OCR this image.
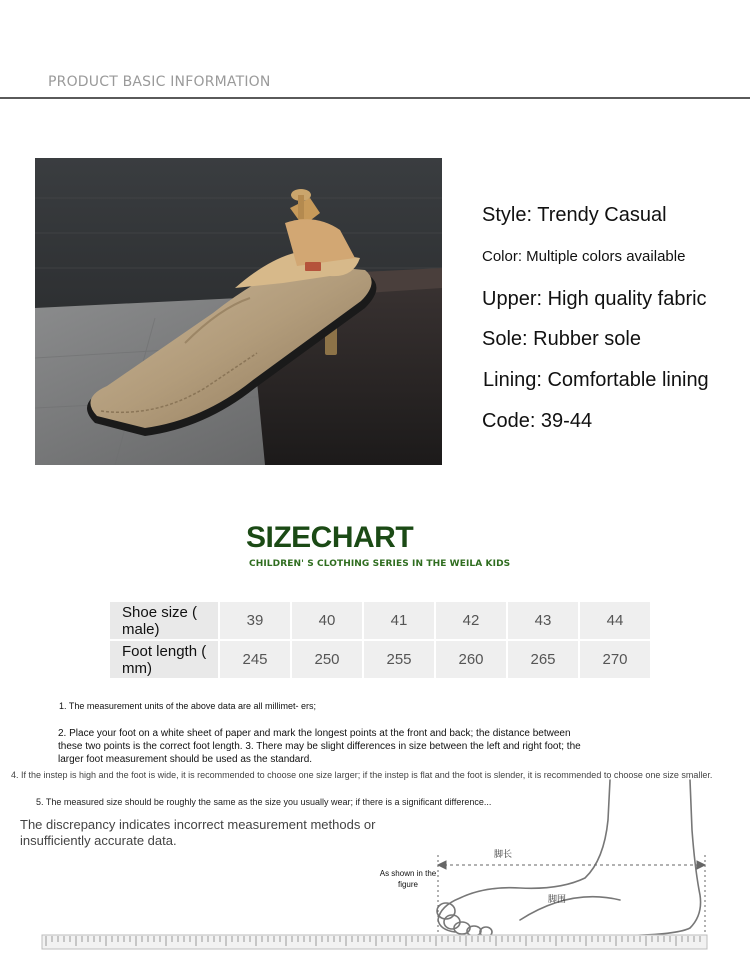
PRODUCT BASIC INFORMATION
Style: Trendy Casual
Color: Multiple colors available
Upper: High quality fabric
Sole: Rubber sole
Lining: Comfortable lining
Code: 39-44
SIZECHART
CHILDREN' S CLOTHING SERIES IN THE WEILA KIDS
Shoe size ( male)	39	40	41	42	43	44
Foot length ( mm)	245	250	255	260	265	270
脚长
脚围
1. The measurement units of the above data are all millimet- ers;
2. Place your foot on a white sheet of paper and mark the longest points at the front and back; the distance between these two points is the correct foot length. 3. There may be slight differences in size between the left and right foot; the larger foot measurement should be used as the standard.
4. If the instep is high and the foot is wide, it is recommended to choose one size larger; if the instep is flat and the foot is slender, it is recommended to choose one size smaller.
5. The measured size should be roughly the same as the size you usually wear; if there is a significant difference...
The discrepancy indicates incorrect measurement methods or insufficiently accurate data.
As shown in the figure
